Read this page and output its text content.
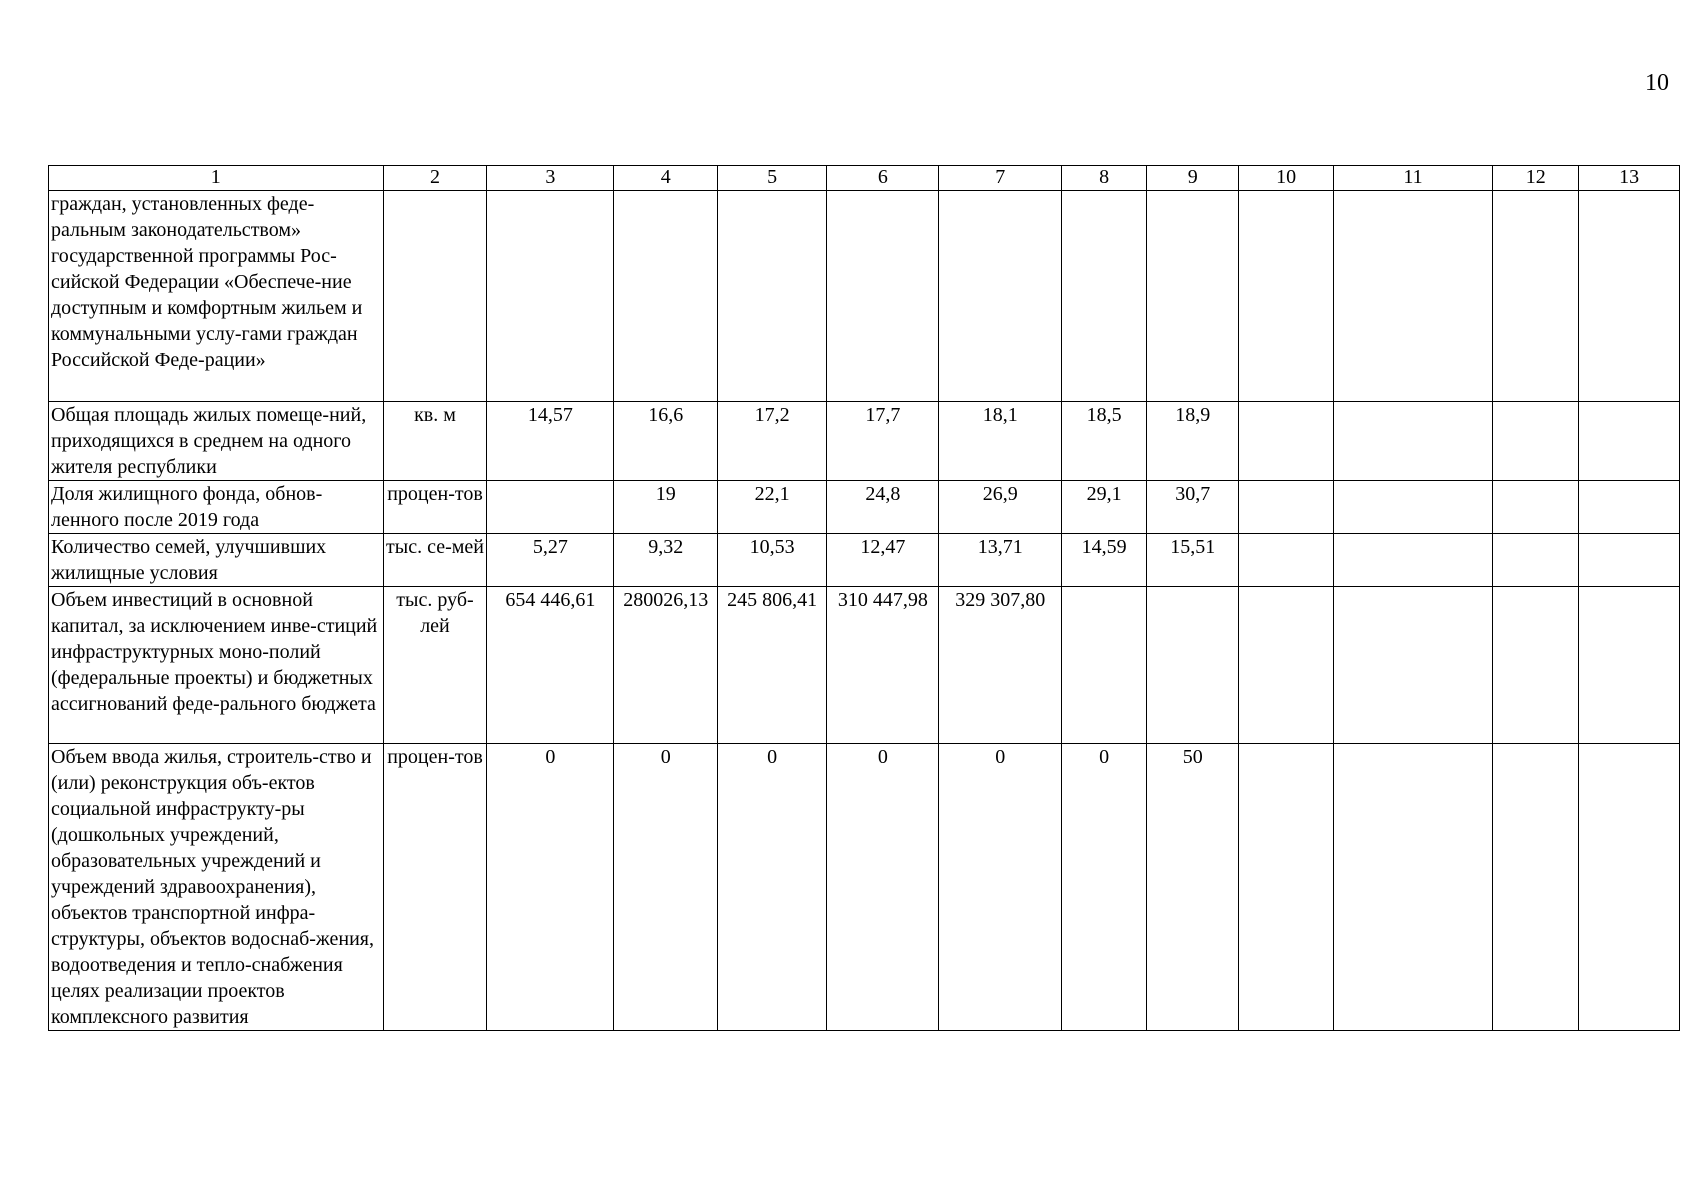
10
1	2	3	4	5	6	7	8	9	10	11	12	13
граждан, установленных феде-ральным законодательством» государственной программы Рос-сийской Федерации «Обеспече-ние доступным и комфортным жильем и коммунальными услу-гами граждан Российской Феде-рации»												
Общая площадь жилых помеще-ний, приходящихся в среднем на одного жителя республики	кв. м	14,57	16,6	17,2	17,7	18,1	18,5	18,9				
Доля жилищного фонда, обнов-ленного после 2019 года	процен-тов		19	22,1	24,8	26,9	29,1	30,7				
Количество семей, улучшивших жилищные условия	тыс. се-мей	5,27	9,32	10,53	12,47	13,71	14,59	15,51				
Объем инвестиций в основной капитал, за исключением инве-стиций инфраструктурных моно-полий (федеральные проекты) и бюджетных ассигнований феде-рального бюджета	тыс. руб-лей	654 446,61	280026,13	245 806,41	310 447,98	329 307,80						
Объем ввода жилья, строитель-ство и (или) реконструкция объ-ектов социальной инфраструкту-ры (дошкольных учреждений, образовательных учреждений и учреждений здравоохранения), объектов транспортной инфра-структуры, объектов водоснаб-жения, водоотведения и тепло-снабжения целях реализации проектов комплексного развития	процен-тов	0	0	0	0	0	0	50				
